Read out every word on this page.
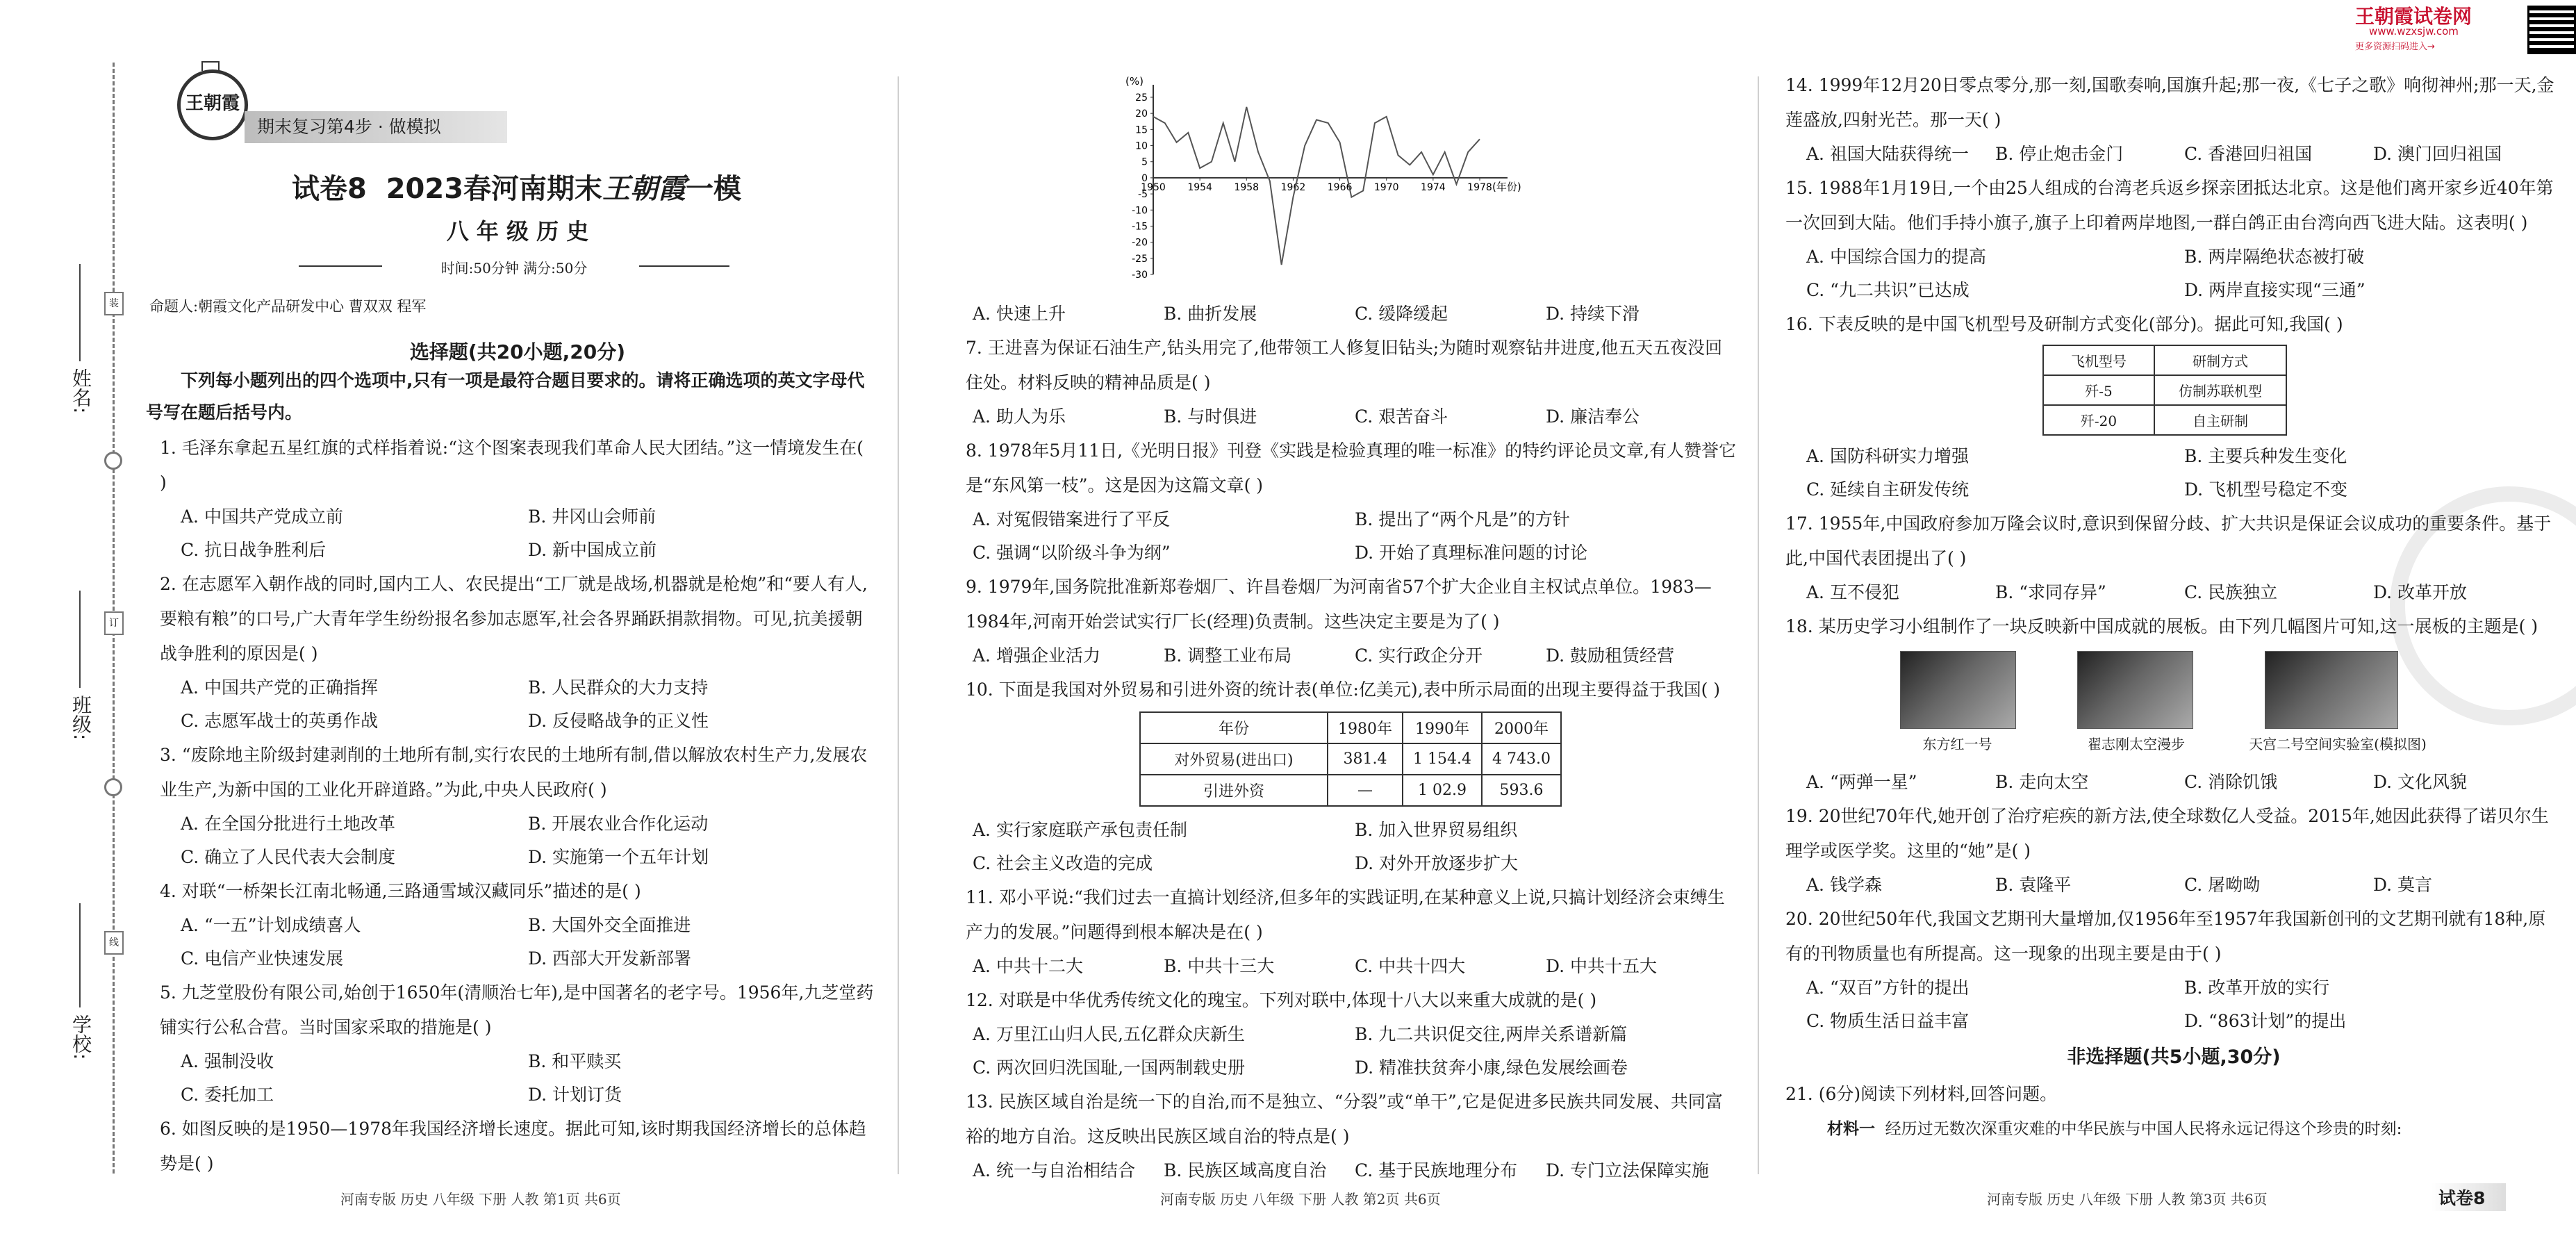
姓名:
班级:
学校:
装
订
线
王朝霞
期末复习第4步 · 做模拟
试卷8 2023春河南期末王朝霞一模
八 年 级 历 史
时间:50分钟 满分:50分
命题人:朝霞文化产品研发中心 曹双双 程军
选择题(共20小题,20分)
下列每小题列出的四个选项中,只有一项是最符合题目要求的。请将正确选项的英文字母代号写在题后括号内。
1. 毛泽东拿起五星红旗的式样指着说:“这个图案表现我们革命人民大团结。”这一情境发生在( )
A. 中国共产党成立前	B. 井冈山会师前
C. 抗日战争胜利后	D. 新中国成立前
2. 在志愿军入朝作战的同时,国内工人、农民提出“工厂就是战场,机器就是枪炮”和“要人有人,要粮有粮”的口号,广大青年学生纷纷报名参加志愿军,社会各界踊跃捐款捐物。可见,抗美援朝战争胜利的原因是( )
A. 中国共产党的正确指挥	B. 人民群众的大力支持
C. 志愿军战士的英勇作战	D. 反侵略战争的正义性
3. “废除地主阶级封建剥削的土地所有制,实行农民的土地所有制,借以解放农村生产力,发展农业生产,为新中国的工业化开辟道路。”为此,中央人民政府( )
A. 在全国分批进行土地改革	B. 开展农业合作化运动
C. 确立了人民代表大会制度	D. 实施第一个五年计划
4. 对联“一桥架长江南北畅通,三路通雪域汉藏同乐”描述的是( )
A. “一五”计划成绩喜人	B. 大国外交全面推进
C. 电信产业快速发展	D. 西部大开发新部署
5. 九芝堂股份有限公司,始创于1650年(清顺治七年),是中国著名的老字号。1956年,九芝堂药铺实行公私合营。当时国家采取的措施是( )
A. 强制没收	B. 和平赎买
C. 委托加工	D. 计划订货
6. 如图反映的是1950—1978年我国经济增长速度。据此可知,该时期我国经济增长的总体趋势是( )
河南专版 历史 八年级 下册 人教 第1页 共6页
(%)
25
20
15
10
5
0
-5
-10
-15
-20
-25
-30
1950 1954 1958 1962 1966 1970 1974 1978 (年份)
A. 快速上升	B. 曲折发展	C. 缓降缓起	D. 持续下滑
7. 王进喜为保证石油生产,钻头用完了,他带领工人修复旧钻头;为随时观察钻井进度,他五天五夜没回住处。材料反映的精神品质是( )
A. 助人为乐	B. 与时俱进	C. 艰苦奋斗	D. 廉洁奉公
8. 1978年5月11日,《光明日报》刊登《实践是检验真理的唯一标准》的特约评论员文章,有人赞誉它是“东风第一枝”。这是因为这篇文章( )
A. 对冤假错案进行了平反	B. 提出了“两个凡是”的方针
C. 强调“以阶级斗争为纲”	D. 开始了真理标准问题的讨论
9. 1979年,国务院批准新郑卷烟厂、许昌卷烟厂为河南省57个扩大企业自主权试点单位。1983—1984年,河南开始尝试实行厂长(经理)负责制。这些决定主要是为了( )
A. 增强企业活力	B. 调整工业布局	C. 实行政企分开	D. 鼓励租赁经营
10. 下面是我国对外贸易和引进外资的统计表(单位:亿美元),表中所示局面的出现主要得益于我国( )
年份	1980年	1990年	2000年
对外贸易(进出口)	381.4	1 154.4	4 743.0
引进外资	—	1 02.9	593.6
A. 实行家庭联产承包责任制	B. 加入世界贸易组织
C. 社会主义改造的完成	D. 对外开放逐步扩大
11. 邓小平说:“我们过去一直搞计划经济,但多年的实践证明,在某种意义上说,只搞计划经济会束缚生产力的发展。”问题得到根本解决是在( )
A. 中共十二大	B. 中共十三大	C. 中共十四大	D. 中共十五大
12. 对联是中华优秀传统文化的瑰宝。下列对联中,体现十八大以来重大成就的是( )
A. 万里江山归人民,五亿群众庆新生	B. 九二共识促交往,两岸关系谱新篇
C. 两次回归洗国耻,一国两制载史册	D. 精准扶贫奔小康,绿色发展绘画卷
13. 民族区域自治是统一下的自治,而不是独立、“分裂”或“单干”,它是促进多民族共同发展、共同富裕的地方自治。这反映出民族区域自治的特点是( )
A. 统一与自治相结合	B. 民族区域高度自治	C. 基于民族地理分布	D. 专门立法保障实施
河南专版 历史 八年级 下册 人教 第2页 共6页
王朝霞试卷网
www.wzxsjw.com
更多资源扫码进入→
14. 1999年12月20日零点零分,那一刻,国歌奏响,国旗升起;那一夜,《七子之歌》响彻神州;那一天,金莲盛放,四射光芒。那一天( )
A. 祖国大陆获得统一	B. 停止炮击金门	C. 香港回归祖国	D. 澳门回归祖国
15. 1988年1月19日,一个由25人组成的台湾老兵返乡探亲团抵达北京。这是他们离开家乡近40年第一次回到大陆。他们手持小旗子,旗子上印着两岸地图,一群白鸽正由台湾向西飞进大陆。这表明( )
A. 中国综合国力的提高	B. 两岸隔绝状态被打破
C. “九二共识”已达成	D. 两岸直接实现“三通”
16. 下表反映的是中国飞机型号及研制方式变化(部分)。据此可知,我国( )
飞机型号	研制方式
歼-5	仿制苏联机型
歼-20	自主研制
A. 国防科研实力增强	B. 主要兵种发生变化
C. 延续自主研发传统	D. 飞机型号稳定不变
17. 1955年,中国政府参加万隆会议时,意识到保留分歧、扩大共识是保证会议成功的重要条件。基于此,中国代表团提出了( )
A. 互不侵犯	B. “求同存异”	C. 民族独立	D. 改革开放
18. 某历史学习小组制作了一块反映新中国成就的展板。由下列几幅图片可知,这一展板的主题是( )
东方红一号	翟志刚太空漫步	天宫二号空间实验室(模拟图)
A. “两弹一星”	B. 走向太空	C. 消除饥饿	D. 文化风貌
19. 20世纪70年代,她开创了治疗疟疾的新方法,使全球数亿人受益。2015年,她因此获得了诺贝尔生理学或医学奖。这里的“她”是( )
A. 钱学森	B. 袁隆平	C. 屠呦呦	D. 莫言
20. 20世纪50年代,我国文艺期刊大量增加,仅1956年至1957年我国新创刊的文艺期刊就有18种,原有的刊物质量也有所提高。这一现象的出现主要是由于( )
A. “双百”方针的提出	B. 改革开放的实行
C. 物质生活日益丰富	D. “863计划”的提出
非选择题(共5小题,30分)
21. (6分)阅读下列材料,回答问题。
材料一 经历过无数次深重灾难的中华民族与中国人民将永远记得这个珍贵的时刻:
河南专版 历史 八年级 下册 人教 第3页 共6页	试卷8
